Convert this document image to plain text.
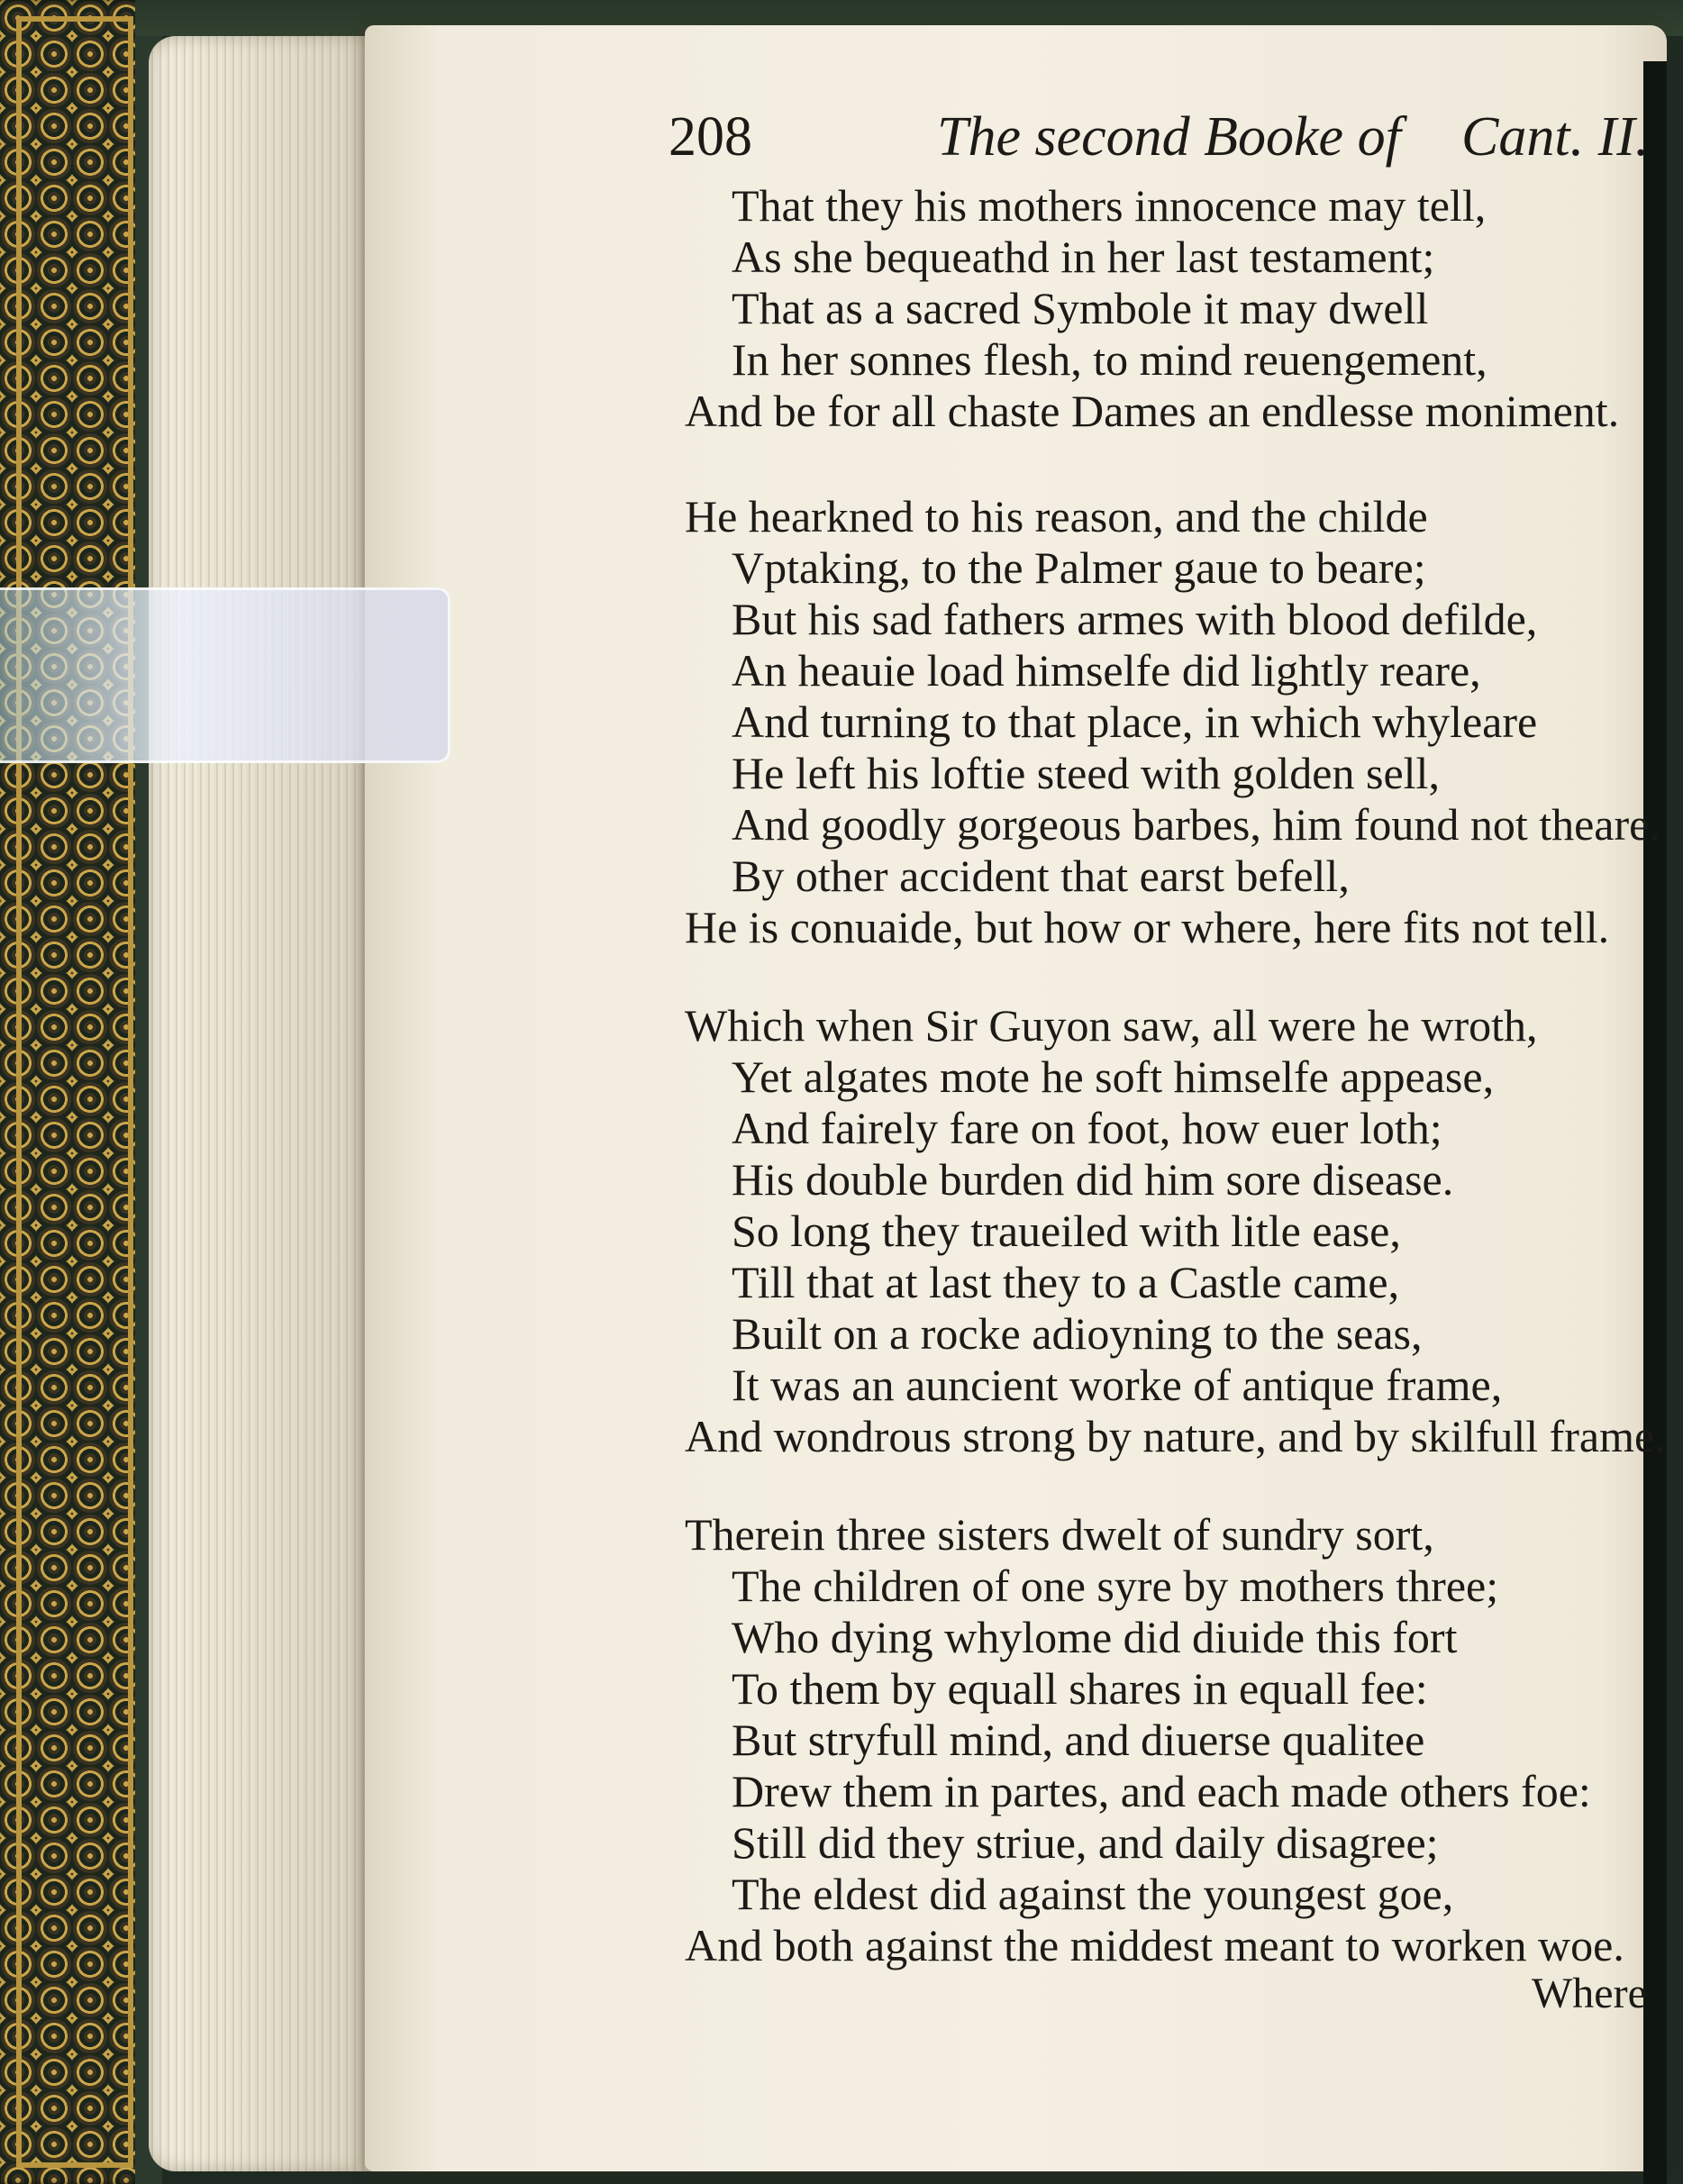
208	The second Booke of Cant. II.
That they his mothers innocence may tell,
As she bequeathd in her last testament;
That as a sacred Symbole it may dwell
In her sonnes flesh, to mind reuengement,
And be for all chaste Dames an endlesse moniment.
He hearkned to his reason, and the childe
Vptaking, to the Palmer gaue to beare;
But his sad fathers armes with blood defilde,
An heauie load himselfe did lightly reare,
And turning to that place, in which whyleare
He left his loftie steed with golden sell,
And goodly gorgeous barbes, him found not theare.
By other accident that earst befell,
He is conuaide, but how or where, here fits not tell.
Which when Sir Guyon saw, all were he wroth,
Yet algates mote he soft himselfe appease,
And fairely fare on foot, how euer loth;
His double burden did him sore disease.
So long they traueiled with litle ease,
Till that at last they to a Castle came,
Built on a rocke adioyning to the seas,
It was an auncient worke of antique frame,
And wondrous strong by nature, and by skilfull frame.
Therein three sisters dwelt of sundry sort,
The children of one syre by mothers three;
Who dying whylome did diuide this fort
To them by equall shares in equall fee:
But stryfull mind, and diuerse qualitee
Drew them in partes, and each made others foe:
Still did they striue, and daily disagree;
The eldest did against the youngest goe,
And both against the middest meant to worken woe.
Where
